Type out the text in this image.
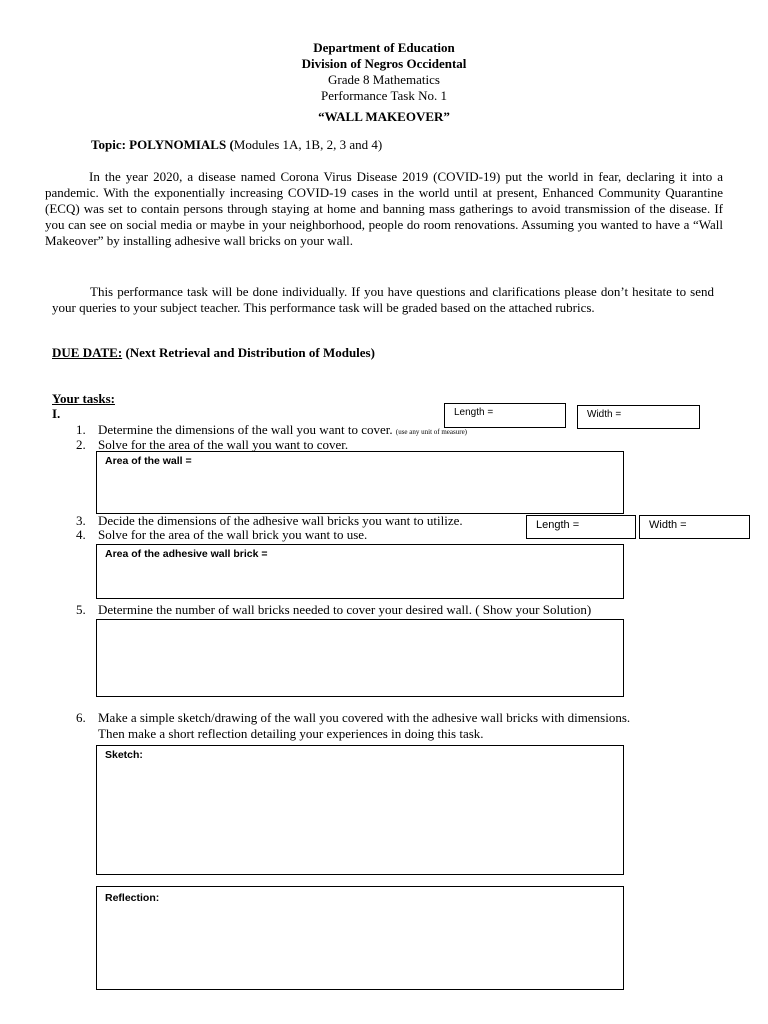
Department of Education
Division of Negros Occidental
Grade 8 Mathematics
Performance Task No. 1
“WALL MAKEOVER”
Topic: POLYNOMIALS (Modules 1A, 1B, 2, 3 and 4)
In the year 2020, a disease named Corona Virus Disease 2019 (COVID-19) put the world in fear, declaring it into a pandemic. With the exponentially increasing COVID-19 cases in the world until at present, Enhanced Community Quarantine (ECQ) was set to contain persons through staying at home and banning mass gatherings to avoid transmission of the disease. If you can see on social media or maybe in your neighborhood, people do room renovations. Assuming you wanted to have a “Wall Makeover” by installing adhesive wall bricks on your wall.
This performance task will be done individually. If you have questions and clarifications please don’t hesitate to send your queries to your subject teacher. This performance task will be graded based on the attached rubrics.
DUE DATE: (Next Retrieval and Distribution of Modules)
Your tasks:
I.
1. Determine the dimensions of the wall you want to cover. (use any unit of measure)
Length =	Width =
2. Solve for the area of the wall you want to cover.
Area of the wall =
3. Decide the dimensions of the adhesive wall bricks you want to utilize.
4. Solve for the area of the wall brick you want to use.
Length =	Width =
Area of the adhesive wall brick =
5. Determine the number of wall bricks needed to cover your desired wall. ( Show your Solution)
6. Make a simple sketch/drawing of the wall you covered with the adhesive wall bricks with dimensions.
Then make a short reflection detailing your experiences in doing this task.
Sketch:
Reflection:
